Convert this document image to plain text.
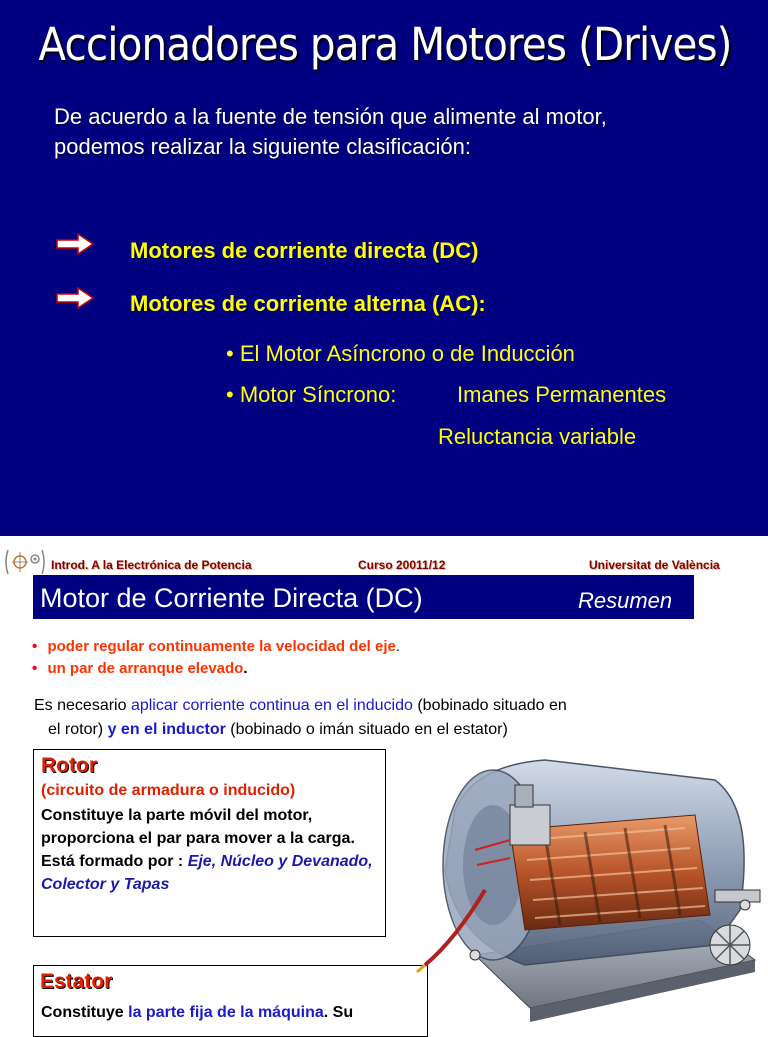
Accionadores para Motores (Drives)
De acuerdo a la fuente de tensión que alimente al motor,
podemos realizar la siguiente clasificación:
Motores de corriente directa (DC)
Motores de corriente alterna (AC):
• El Motor Asíncrono o de Inducción
• Motor Síncrono:	Imanes Permanentes
Reluctancia variable
Introd. A la Electrónica de Potencia	Curso 20011/12	Universitat de València
Motor de Corriente Directa (DC)	Resumen
• poder regular continuamente la velocidad del eje.
• un par de arranque elevado.
Es necesario aplicar corriente continua en el inducido (bobinado situado en
el rotor) y en el inductor (bobinado o imán situado en el estator)
Rotor
(circuito de armadura o inducido)
Constituye la parte móvil del motor, proporciona el par para mover a la carga.
Está formado por : Eje, Núcleo y Devanado, Colector y Tapas
Estator
Constituye la parte fija de la máquina. Su
